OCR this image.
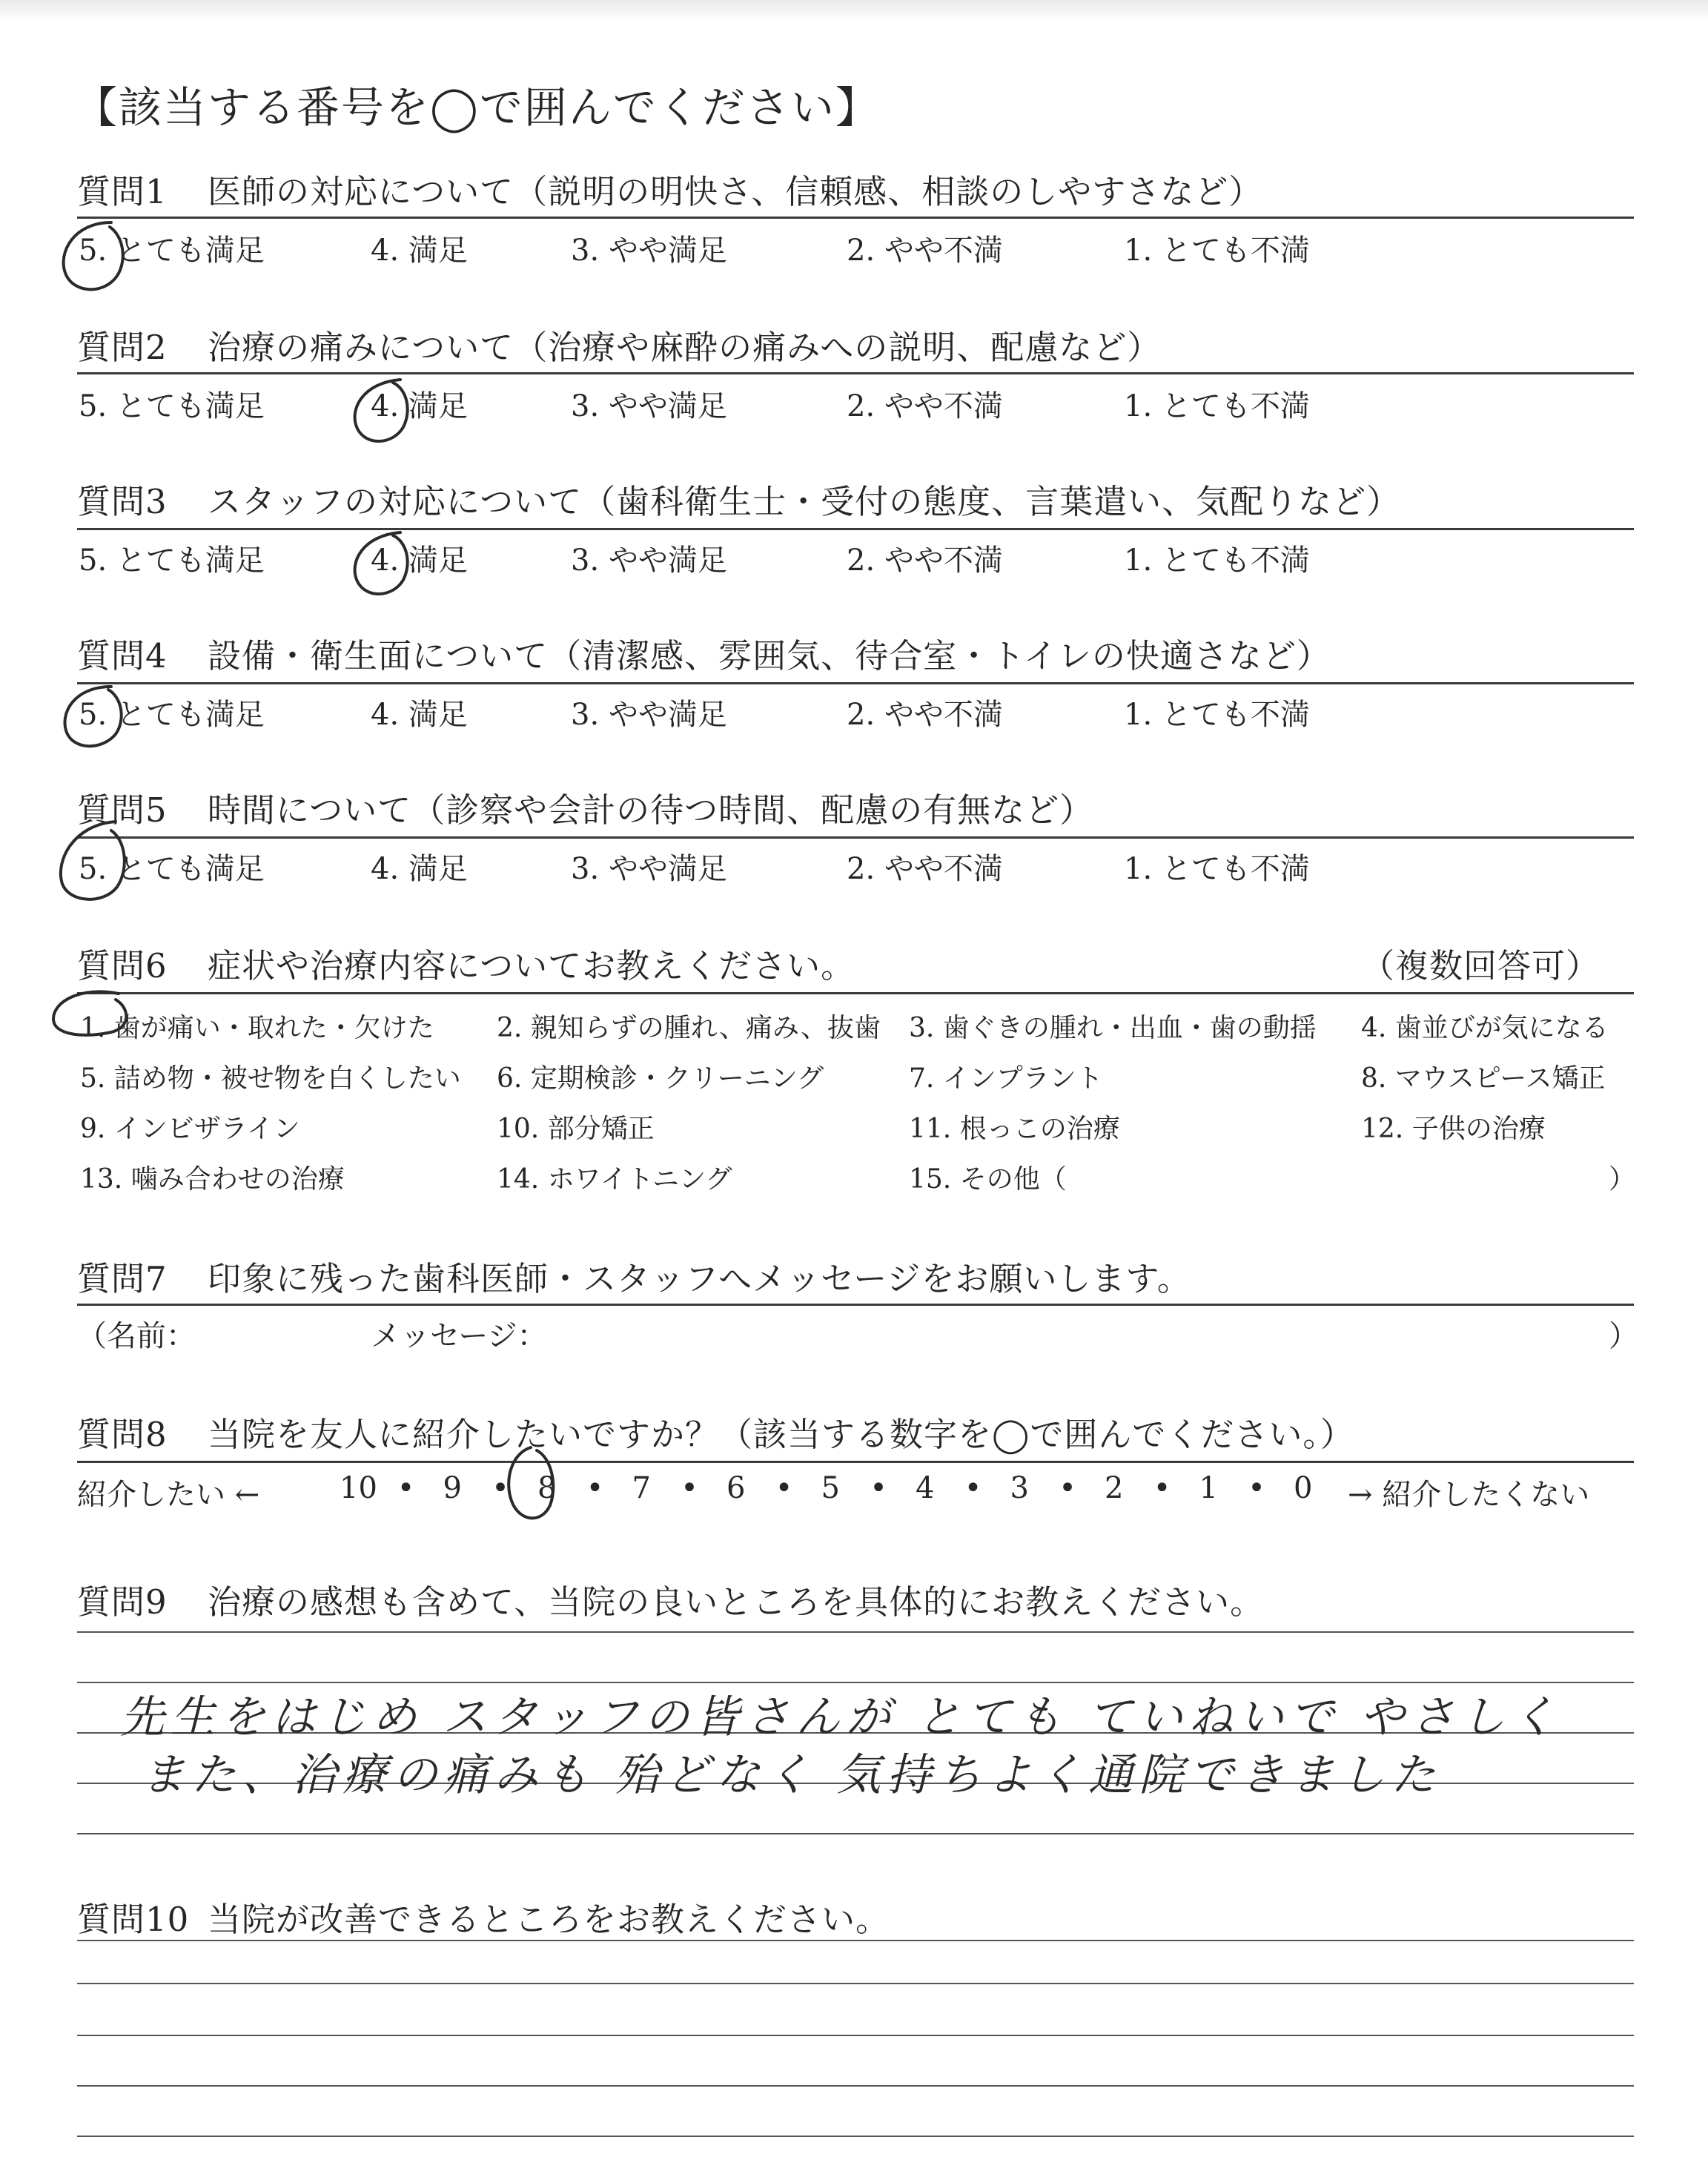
【該当する番号を◯で囲んでください】
質問1 医師の対応について（説明の明快さ、信頼感、相談のしやすさなど）
5. とても満足	4. 満足	3. やや満足	2. やや不満	1. とても不満
質問2 治療の痛みについて（治療や麻酔の痛みへの説明、配慮など）
5. とても満足	4. 満足	3. やや満足	2. やや不満	1. とても不満
質問3 スタッフの対応について（歯科衛生士・受付の態度、言葉遣い、気配りなど）
5. とても満足	4. 満足	3. やや満足	2. やや不満	1. とても不満
質問4 設備・衛生面について（清潔感、雰囲気、待合室・トイレの快適さなど）
5. とても満足	4. 満足	3. やや満足	2. やや不満	1. とても不満
質問5 時間について（診察や会計の待つ時間、配慮の有無など）
5. とても満足	4. 満足	3. やや満足	2. やや不満	1. とても不満
質問6 症状や治療内容についてお教えください。	（複数回答可）
1. 歯が痛い・取れた・欠けた 2. 親知らずの腫れ、痛み、抜歯 3. 歯ぐきの腫れ・出血・歯の動揺 4. 歯並びが気になる
5. 詰め物・被せ物を白くしたい 6. 定期検診・クリーニング	7. インプラント	8. マウスピース矯正
9. インビザライン	10. 部分矯正	11. 根っこの治療	12. 子供の治療
13. 噛み合わせの治療	14. ホワイトニング	15. その他（	）
質問7 印象に残った歯科医師・スタッフへメッセージをお願いします。
（名前：	メッセージ：	）
質問8 当院を友人に紹介したいですか？（該当する数字を◯で囲んでください。）
紹介したい ←	→ 紹介したくない
10 • 9 • 8 • 7 • 6 • 5 • 4 • 3 • 2 • 1 • 0
質問9 治療の感想も含めて、当院の良いところを具体的にお教えください。
先生をはじめ スタッフの皆さんが とても ていねいで やさしく
また、治療の痛みも 殆どなく 気持ちよく通院できました
質問10 当院が改善できるところをお教えください。
